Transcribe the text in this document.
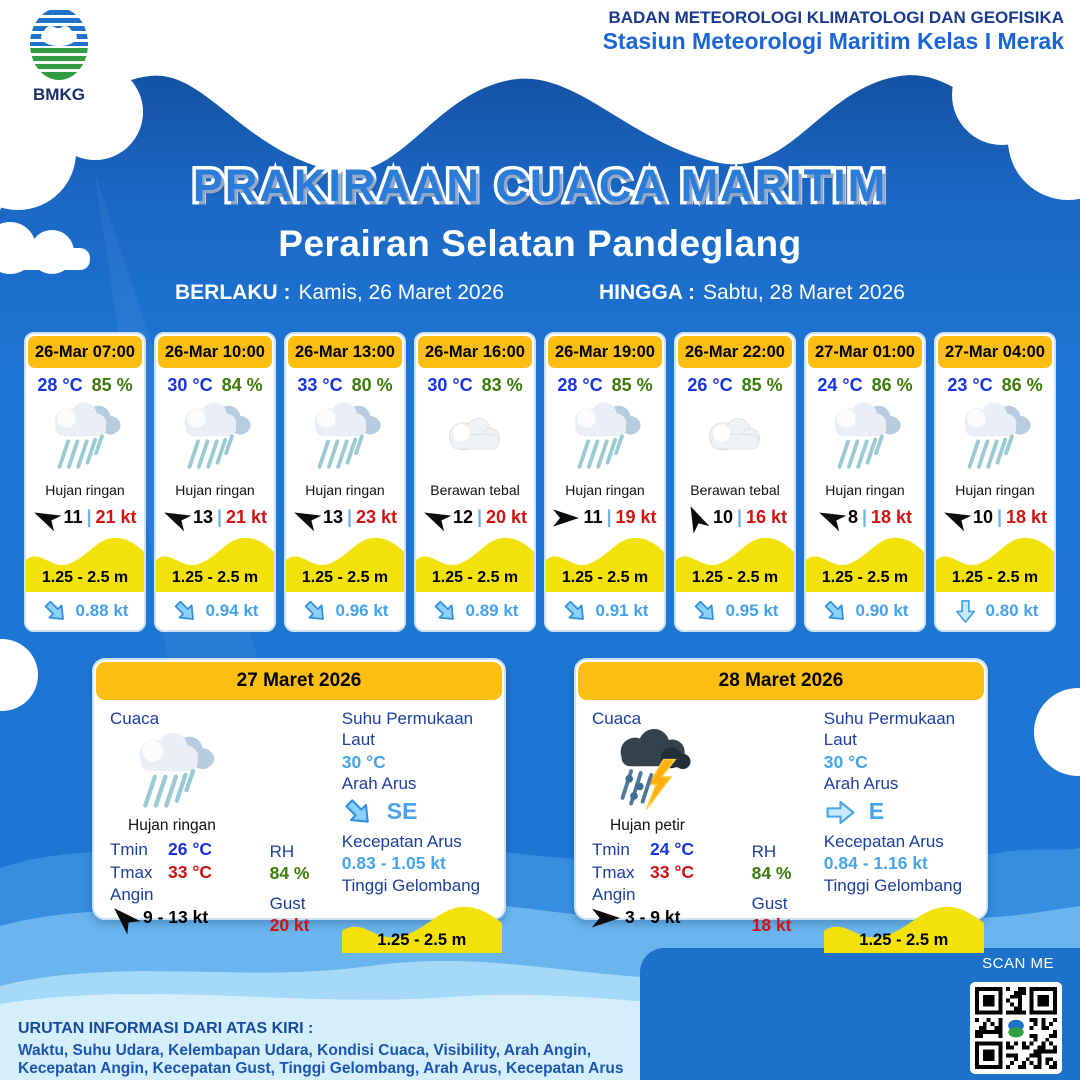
BMKG
BADAN METEOROLOGI KLIMATOLOGI DAN GEOFISIKA
Stasiun Meteorologi Maritim Kelas I Merak
PRAKIRAAN CUACA MARITIM
Perairan Selatan Pandeglang
BERLAKU : Kamis, 26 Maret 2026	HINGGA : Sabtu, 28 Maret 2026
26-Mar 07:00
28 °C 85 %
Hujan ringan
11 | 21 kt
1.25 - 2.5 m
0.88 kt
26-Mar 10:00
30 °C 84 %
Hujan ringan
13 | 21 kt
1.25 - 2.5 m
0.94 kt
26-Mar 13:00
33 °C 80 %
Hujan ringan
13 | 23 kt
1.25 - 2.5 m
0.96 kt
26-Mar 16:00
30 °C 83 %
Berawan tebal
12 | 20 kt
1.25 - 2.5 m
0.89 kt
26-Mar 19:00
28 °C 85 %
Hujan ringan
11 | 19 kt
1.25 - 2.5 m
0.91 kt
26-Mar 22:00
26 °C 85 %
Berawan tebal
10 | 16 kt
1.25 - 2.5 m
0.95 kt
27-Mar 01:00
24 °C 86 %
Hujan ringan
8 | 18 kt
1.25 - 2.5 m
0.90 kt
27-Mar 04:00
23 °C 86 %
Hujan ringan
10 | 18 kt
1.25 - 2.5 m
0.80 kt
27 Maret 2026
Cuaca
Hujan ringan
Tmin	26 °C
Tmax 33 °C
Angin
9 - 13 kt
RH
84 %
Gust
20 kt
Suhu Permukaan Laut
30 °C
Arah Arus
SE
Kecepatan Arus
0.83 - 1.05 kt
Tinggi Gelombang
1.25 - 2.5 m
28 Maret 2026
Cuaca
Hujan petir
Tmin	24 °C
Tmax 33 °C
Angin
3 - 9 kt
RH
84 %
Gust
18 kt
Suhu Permukaan Laut
30 °C
Arah Arus
E
Kecepatan Arus
0.84 - 1.16 kt
Tinggi Gelombang
1.25 - 2.5 m
URUTAN INFORMASI DARI ATAS KIRI :
Waktu, Suhu Udara, Kelembapan Udara, Kondisi Cuaca, Visibility, Arah Angin,
Kecepatan Angin, Kecepatan Gust, Tinggi Gelombang, Arah Arus, Kecepatan Arus
SCAN ME
